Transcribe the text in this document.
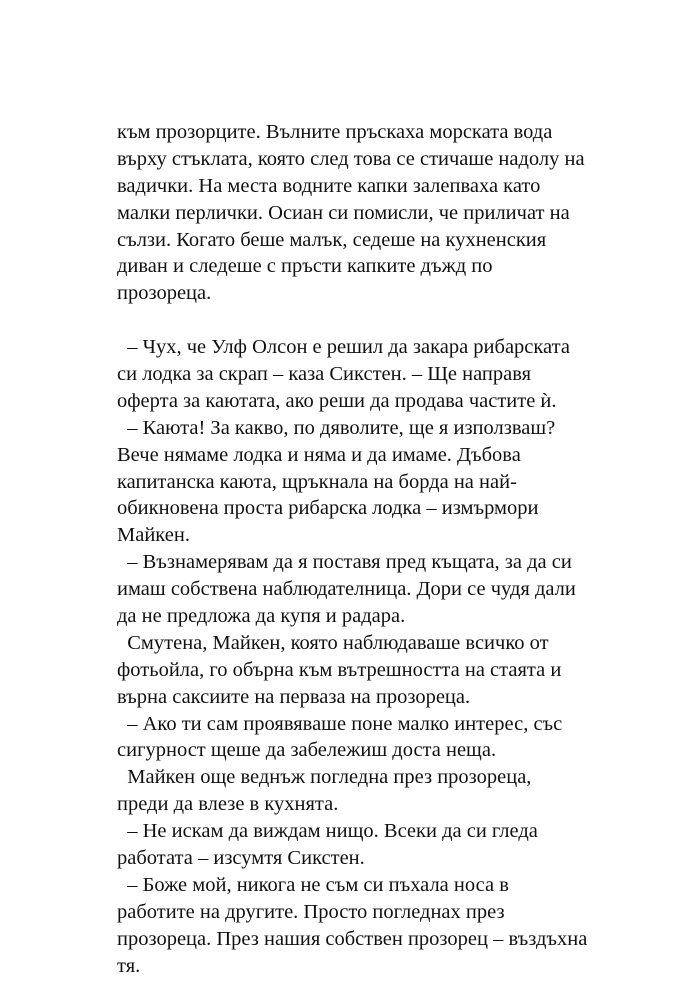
към прозорците. Вълните пръскаха морската вода
върху стъклата, която след това се стичаше надолу на
вадички. На места водните капки залепваха като
малки перлички. Осиан си помисли, че приличат на
сълзи. Когато беше малък, седеше на кухненския
диван и следеше с пръсти капките дъжд по
прозореца.
– Чух, че Улф Олсон е решил да закара рибарската
си лодка за скрап – каза Сикстен. – Ще направя
оферта за каютата, ако реши да продава частите ѝ.
– Каюта! За какво, по дяволите, ще я използваш?
Вече нямаме лодка и няма и да имаме. Дъбова
капитанска каюта, щръкнала на борда на най-
обикновена проста рибарска лодка – измърмори
Майкен.
– Възнамерявам да я поставя пред къщата, за да си
имаш собствена наблюдателница. Дори се чудя дали
да не предложа да купя и радара.
Смутена, Майкен, която наблюдаваше всичко от
фотьойла, го обърна към вътрешността на стаята и
върна саксиите на перваза на прозореца.
– Ако ти сам проявяваше поне малко интерес, със
сигурност щеше да забележиш доста неща.
Майкен още веднъж погледна през прозореца,
преди да влезе в кухнята.
– Не искам да виждам нищо. Всеки да си гледа
работата – изсумтя Сикстен.
– Боже мой, никога не съм си пъхала носа в
работите на другите. Просто погледнах през
прозореца. През нашия собствен прозорец – въздъхна
тя.
